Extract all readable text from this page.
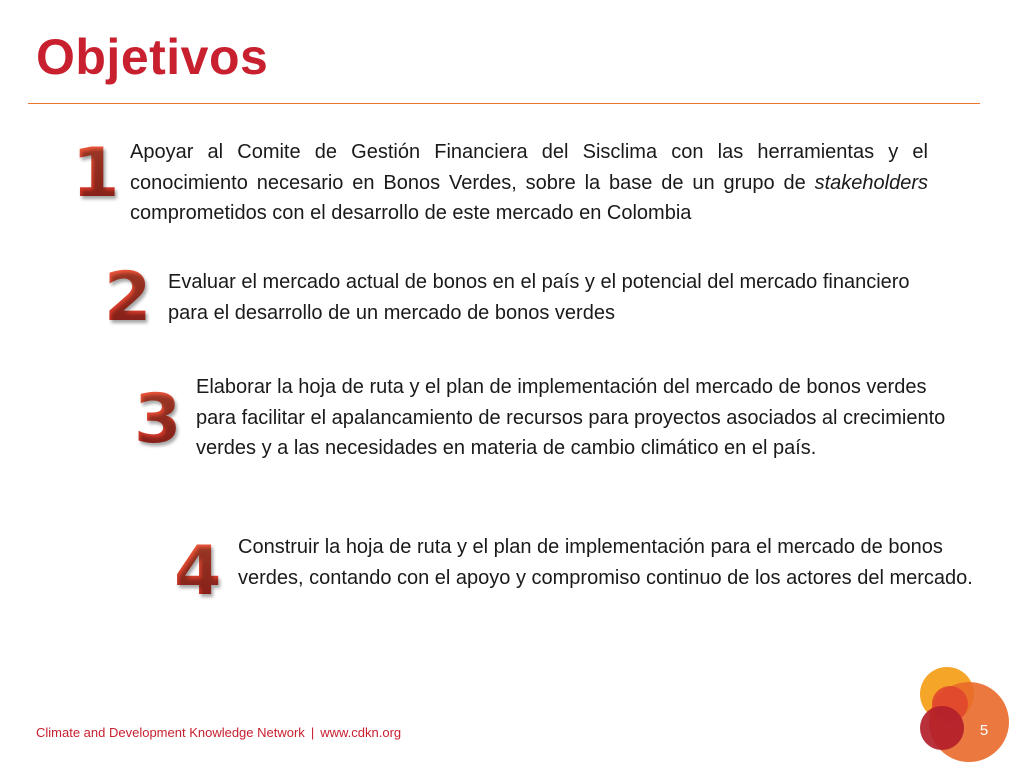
Objetivos
1 Apoyar al Comite de Gestión Financiera del Sisclima con las herramientas y el conocimiento necesario en Bonos Verdes, sobre la base de un grupo de stakeholders comprometidos con el desarrollo de este mercado en Colombia

2 Evaluar el mercado actual de bonos en el país y el potencial del mercado financiero para el desarrollo de un mercado de bonos verdes

3 Elaborar la hoja de ruta y el plan de implementación del mercado de bonos verdes para facilitar el apalancamiento de recursos para proyectos asociados al crecimiento verdes y a las necesidades en materia de cambio climático en el país.

4 Construir la hoja de ruta y el plan de implementación para el mercado de bonos verdes, contando con el apoyo y compromiso continuo de los actores del mercado.

Climate and Development Knowledge Network | www.cdkn.org	5
